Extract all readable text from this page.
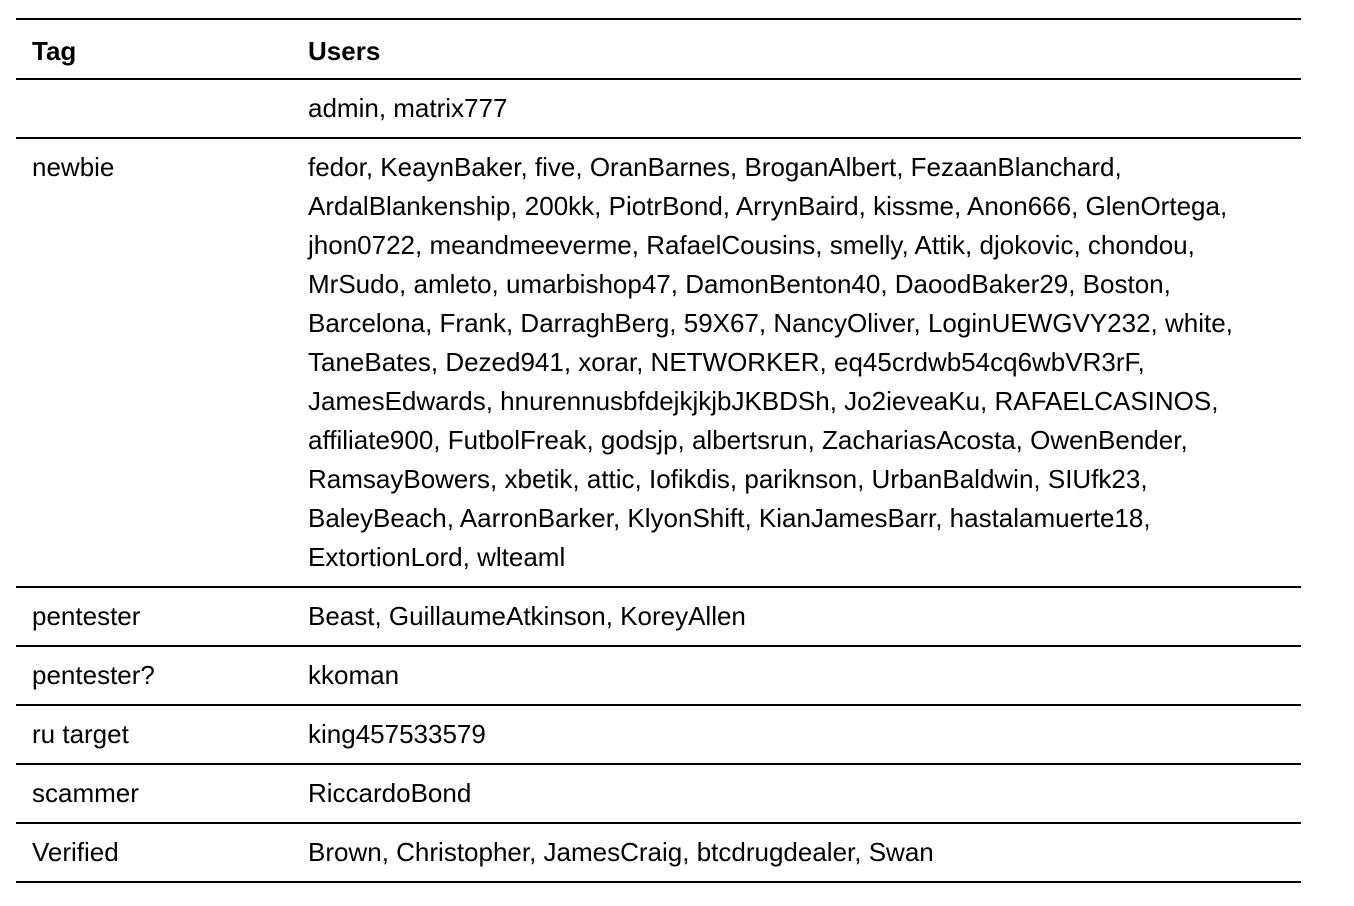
Tag	Users
	admin, matrix777
newbie	fedor, KeaynBaker, five, OranBarnes, BroganAlbert, FezaanBlanchard, ArdalBlankenship, 200kk, PiotrBond, ArrynBaird, kissme, Anon666, GlenOrtega, jhon0722, meandmeeverme, RafaelCousins, smelly, Attik, djokovic, chondou, MrSudo, amleto, umarbishop47, DamonBenton40, DaoodBaker29, Boston, Barcelona, Frank, DarraghBerg, 59X67, NancyOliver, LoginUEWGVY232, white, TaneBates, Dezed941, xorar, NETWORKER, eq45crdwb54cq6wbVR3rF, JamesEdwards, hnurennusbfdejkjkjbJKBDSh, Jo2ieveaKu, RAFAELCASINOS, affiliate900, FutbolFreak, godsjp, albertsrun, ZachariasAcosta, OwenBender, RamsayBowers, xbetik, attic, Iofikdis, pariknson, UrbanBaldwin, SIUfk23, BaleyBeach, AarronBarker, KlyonShift, KianJamesBarr, hastalamuerte18, ExtortionLord, wlteaml
pentester	Beast, GuillaumeAtkinson, KoreyAllen
pentester?	kkoman
ru target	king457533579
scammer	RiccardoBond
Verified	Brown, Christopher, JamesCraig, btcdrugdealer, Swan
